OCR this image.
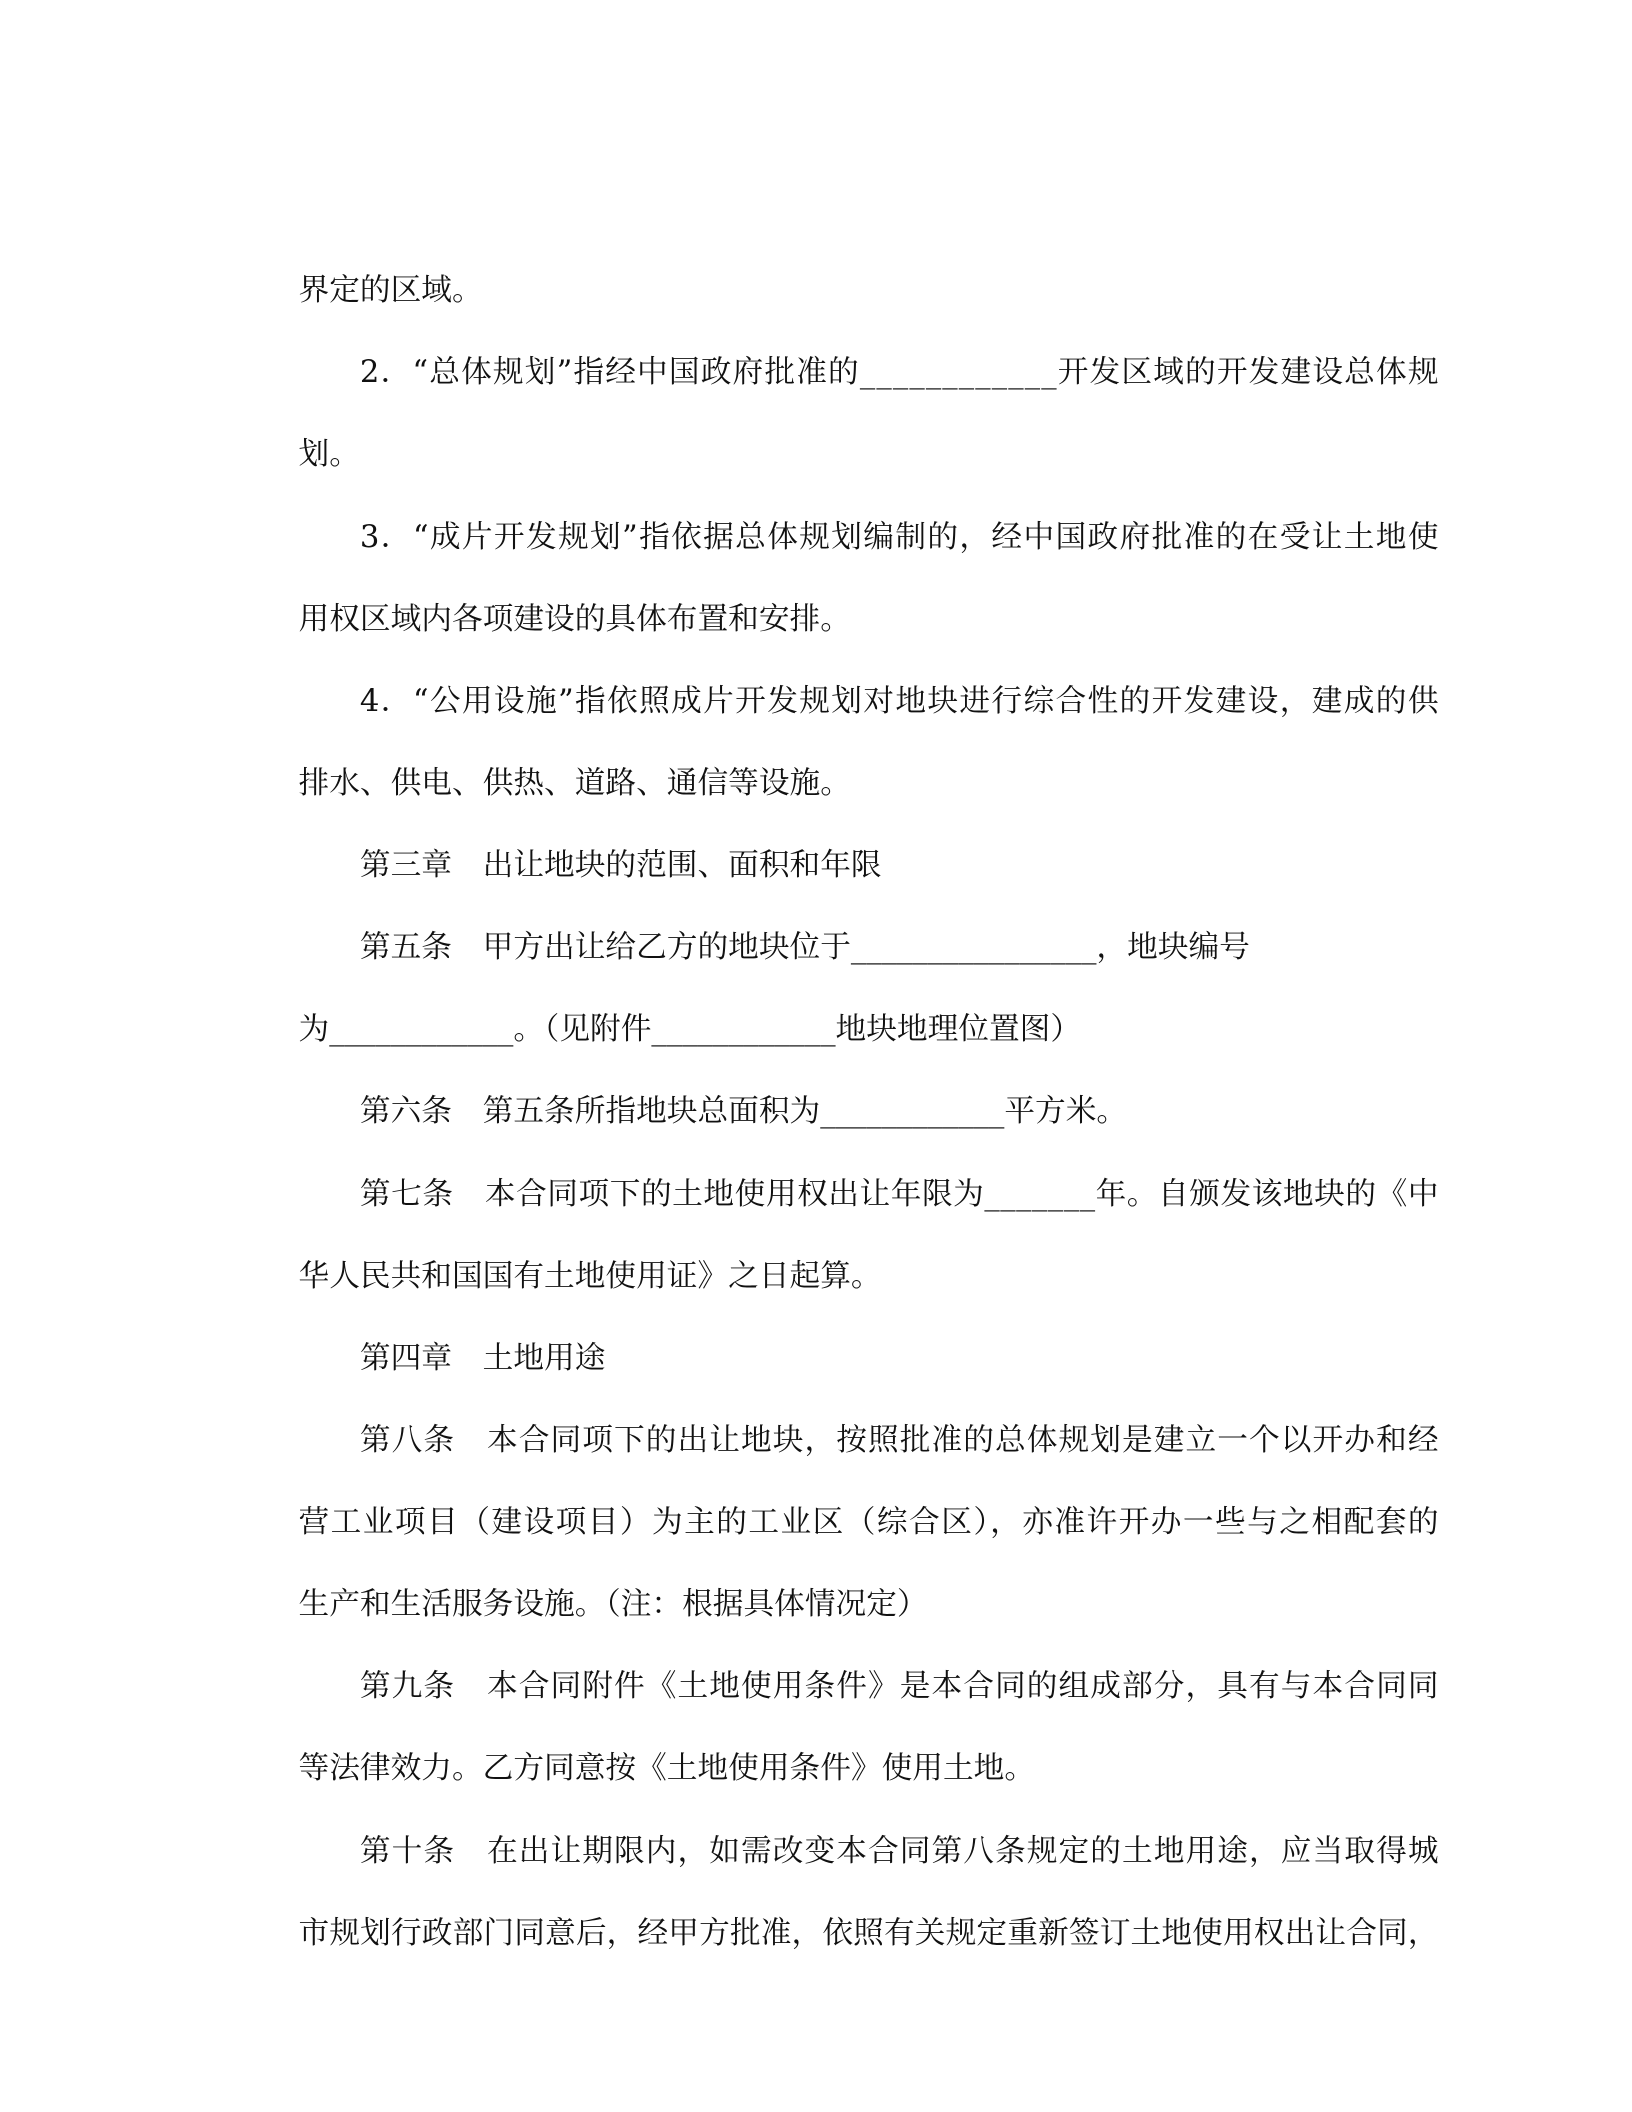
界定的区域。

2．“总体规划”指经中国政府批准的____________开发区域的开发建设总体规

划。

3．“成片开发规划”指依据总体规划编制的，经中国政府批准的在受让土地使

用权区域内各项建设的具体布置和安排。

4．“公用设施”指依照成片开发规划对地块进行综合性的开发建设，建成的供

排水、供电、供热、道路、通信等设施。

第三章　出让地块的范围、面积和年限

第五条　甲方出让给乙方的地块位于________________，地块编号

为____________。（见附件____________地块地理位置图）

第六条　第五条所指地块总面积为____________平方米。

第七条　本合同项下的土地使用权出让年限为_______年。自颁发该地块的《中

华人民共和国国有土地使用证》之日起算。

第四章　土地用途

第八条　本合同项下的出让地块，按照批准的总体规划是建立一个以开办和经

营工业项目（建设项目）为主的工业区（综合区），亦准许开办一些与之相配套的

生产和生活服务设施。（注：根据具体情况定）

第九条　本合同附件《土地使用条件》是本合同的组成部分，具有与本合同同

等法律效力。乙方同意按《土地使用条件》使用土地。

第十条　在出让期限内，如需改变本合同第八条规定的土地用途，应当取得城

市规划行政部门同意后，经甲方批准，依照有关规定重新签订土地使用权出让合同，
